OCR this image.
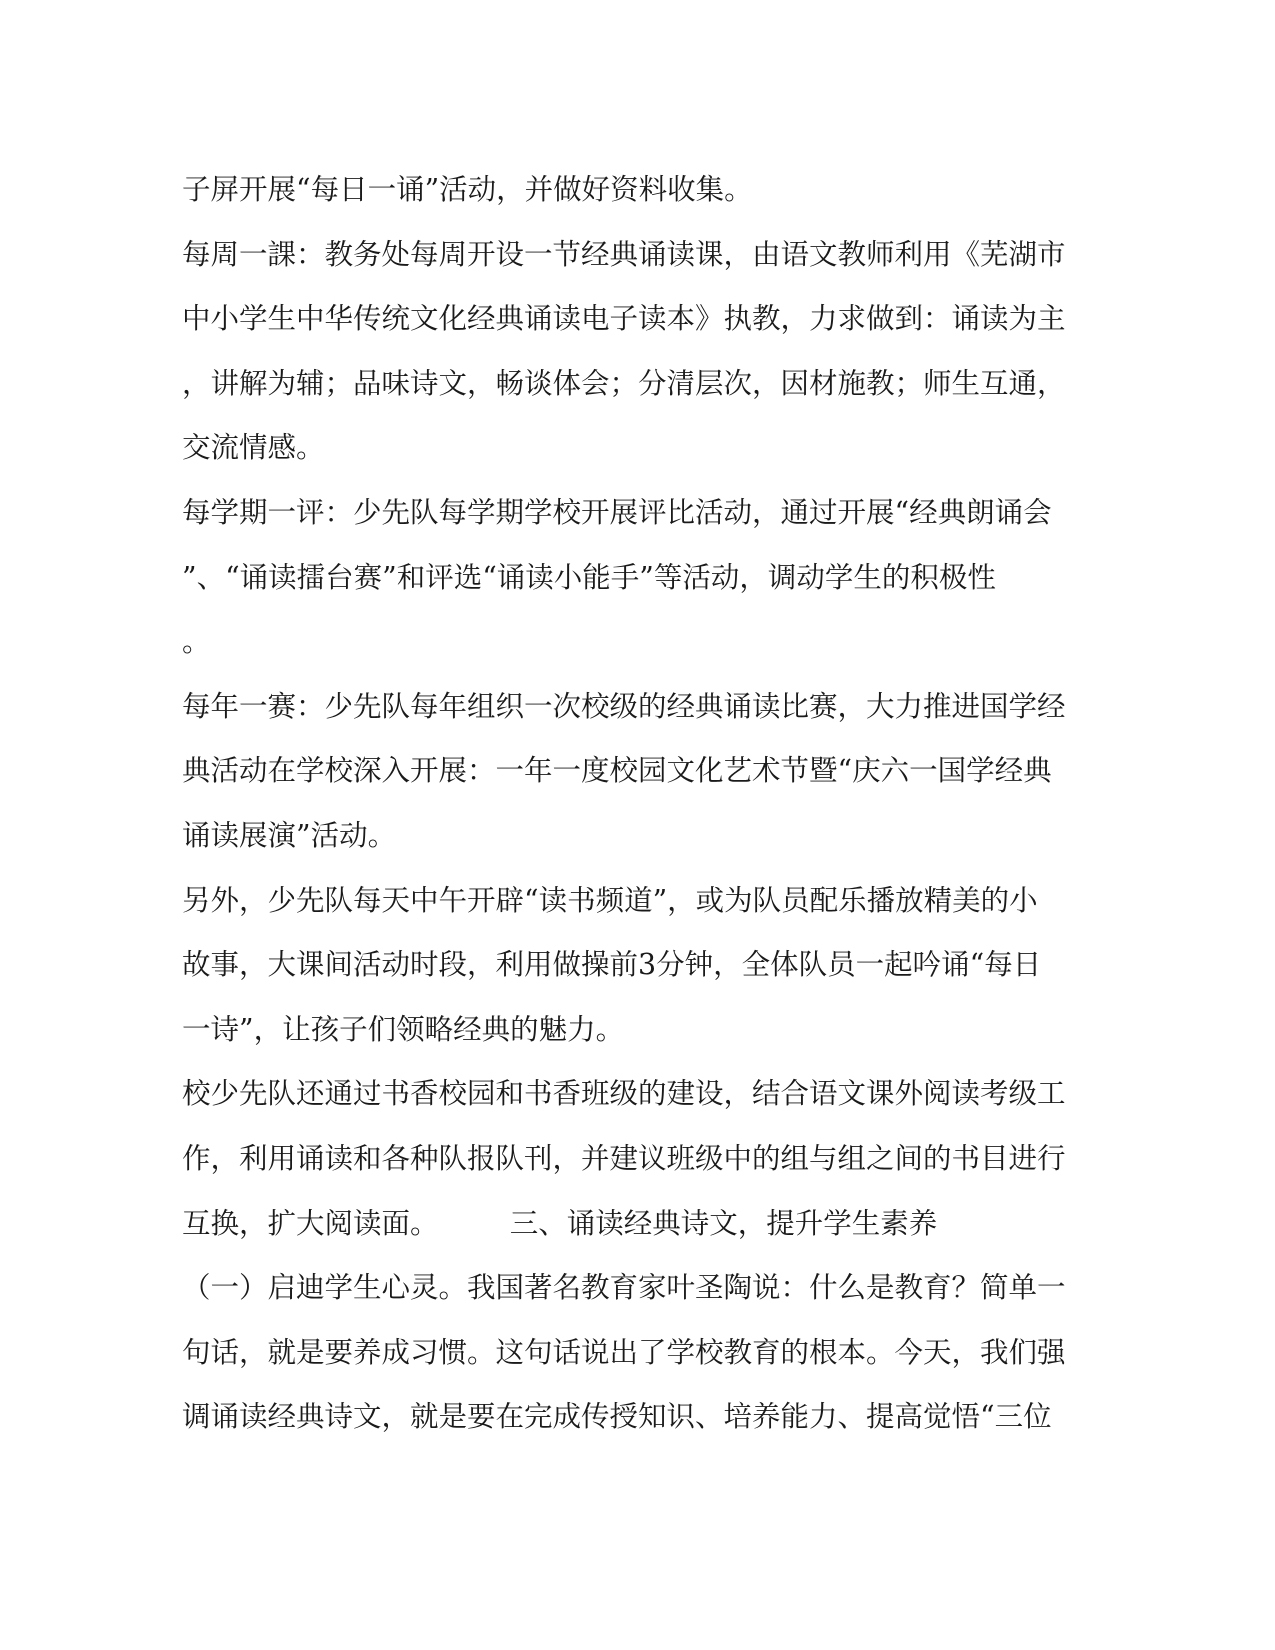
子屏开展“每日一诵”活动，并做好资料收集。
每周一課：教务处每周开设一节经典诵读课，由语文教师利用《芜湖市
中小学生中华传统文化经典诵读电子读本》执教，力求做到：诵读为主
，讲解为辅；品味诗文，畅谈体会；分清层次，因材施教；师生互通，
交流情感。
每学期一评：少先队每学期学校开展评比活动，通过开展“经典朗诵会
”、“诵读擂台赛”和评选“诵读小能手”等活动，调动学生的积极性
。
每年一赛：少先队每年组织一次校级的经典诵读比赛，大力推进国学经
典活动在学校深入开展：一年一度校园文化艺术节暨“庆六一国学经典
诵读展演”活动。
另外，少先队每天中午开辟“读书频道”，或为队员配乐播放精美的小
故事，大课间活动时段，利用做操前3分钟，全体队员一起吟诵“每日
一诗”，让孩子们领略经典的魅力。
校少先队还通过书香校园和书香班级的建设，结合语文课外阅读考级工
作，利用诵读和各种队报队刊，并建议班级中的组与组之间的书目进行
互换，扩大阅读面。　　　三、诵读经典诗文，提升学生素养
（一）启迪学生心灵。我国著名教育家叶圣陶说：什么是教育？简单一
句话，就是要养成习惯。这句话说出了学校教育的根本。今天，我们强
调诵读经典诗文，就是要在完成传授知识、培养能力、提高觉悟“三位
